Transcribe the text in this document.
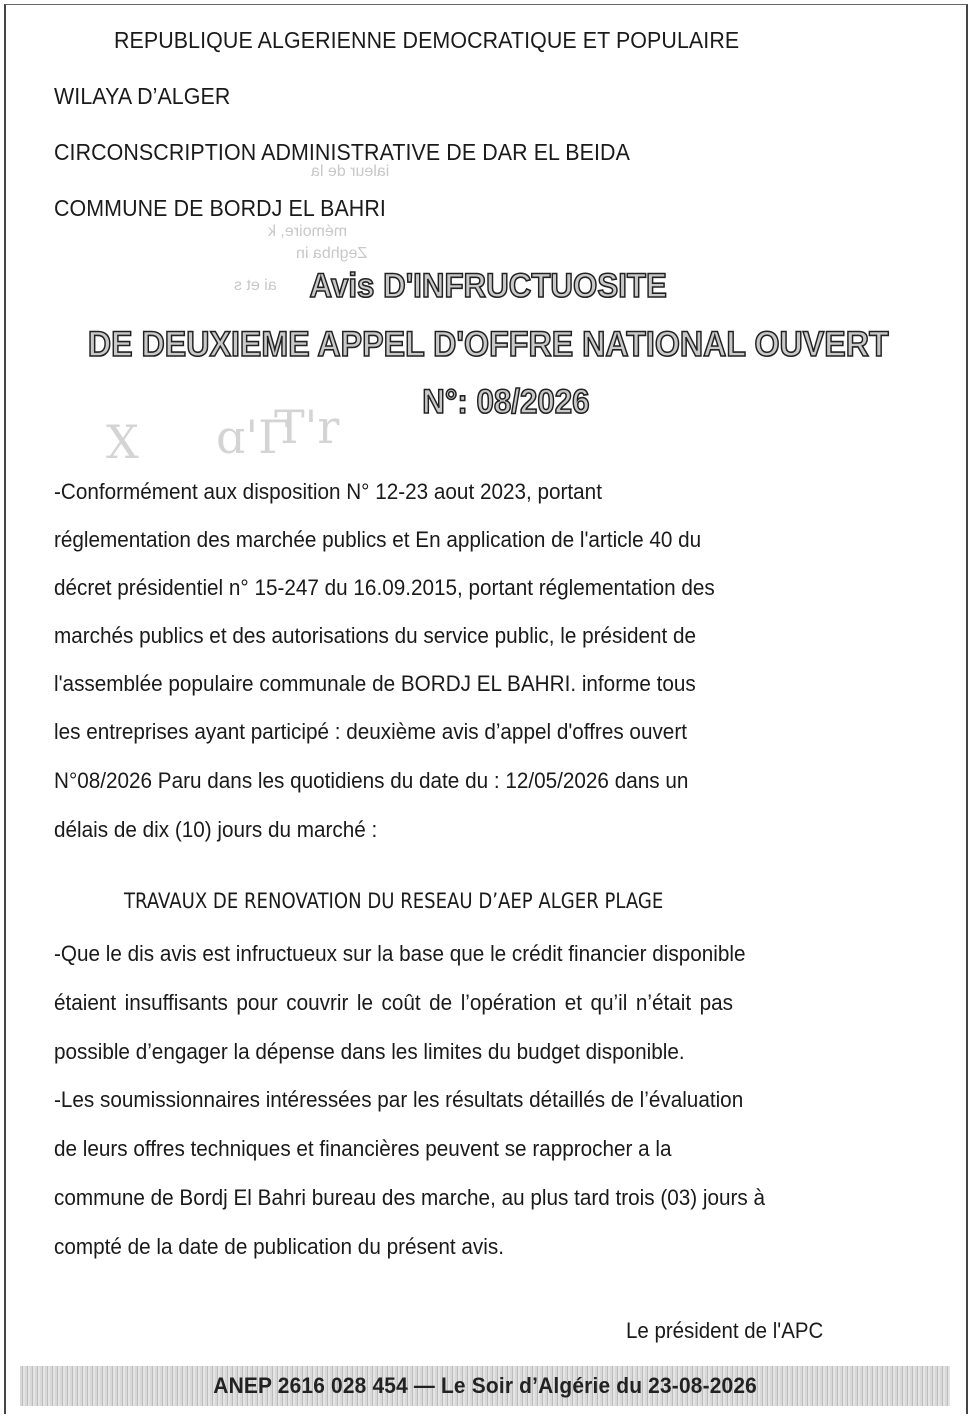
ialeur de la
mémoire, k
Zeghba in
ai et s
X ɑ'Γ
T'r
REPUBLIQUE ALGERIENNE DEMOCRATIQUE ET POPULAIRE
WILAYA D’ALGER
CIRCONSCRIPTION ADMINISTRATIVE DE DAR EL BEIDA
COMMUNE DE BORDJ EL BAHRI
Avis D'INFRUCTUOSITE
DE DEUXIEME APPEL D'OFFRE NATIONAL OUVERT
N°: 08/2026
-Conformément aux disposition N° 12-23 aout 2023, portant
réglementation des marchée publics et En application de l'article 40 du
décret présidentiel n° 15-247 du 16.09.2015, portant réglementation des
marchés publics et des autorisations du service public, le président de
l'assemblée populaire communale de BORDJ EL BAHRI. informe tous
les entreprises ayant participé : deuxième avis d’appel d'offres ouvert
N°08/2026 Paru dans les quotidiens du date du : 12/05/2026 dans un
délais de dix (10) jours du marché :
TRAVAUX DE RENOVATION DU RESEAU D’AEP ALGER PLAGE
-Que le dis avis est infructueux sur la base que le crédit financier disponible
étaient insuffisants pour couvrir le coût de l’opération et qu’il n’était pas
possible d’engager la dépense dans les limites du budget disponible.
-Les soumissionnaires intéressées par les résultats détaillés de l’évaluation
de leurs offres techniques et financières peuvent se rapprocher a la
commune de Bordj El Bahri bureau des marche, au plus tard trois (03) jours à
compté de la date de publication du présent avis.
Le président de l'APC
ANEP 2616 028 454 — Le Soir d’Algérie du 23-08-2026
